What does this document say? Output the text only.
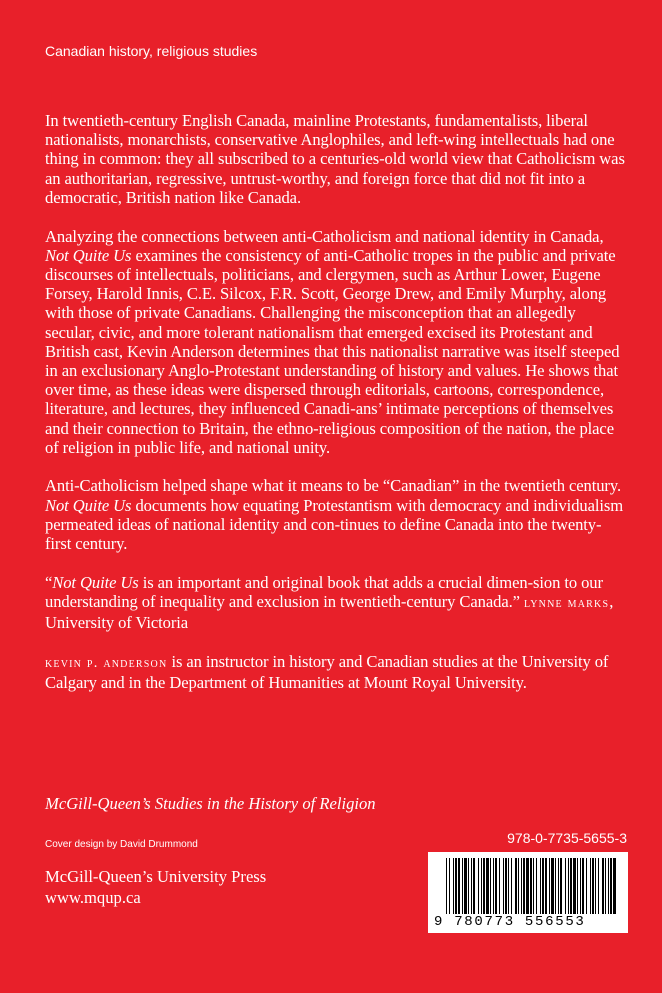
Canadian history, religious studies

In twentieth-century English Canada, mainline Protestants, fundamentalists, liberal nationalists, monarchists, conservative Anglophiles, and left-wing intellectuals had one thing in common: they all subscribed to a centuries-old world view that Catholicism was an authoritarian, regressive, untrust-worthy, and foreign force that did not fit into a democratic, British nation like Canada.

Analyzing the connections between anti-Catholicism and national identity in Canada, Not Quite Us examines the consistency of anti-Catholic tropes in the public and private discourses of intellectuals, politicians, and clergymen, such as Arthur Lower, Eugene Forsey, Harold Innis, C.E. Silcox, F.R. Scott, George Drew, and Emily Murphy, along with those of private Canadians. Challenging the misconception that an allegedly secular, civic, and more tolerant nationalism that emerged excised its Protestant and British cast, Kevin Anderson determines that this nationalist narrative was itself steeped in an exclusionary Anglo-Protestant understanding of history and values. He shows that over time, as these ideas were dispersed through editorials, cartoons, correspondence, literature, and lectures, they influenced Canadi-ans’ intimate perceptions of themselves and their connection to Britain, the ethno-religious composition of the nation, the place of religion in public life, and national unity.

Anti-Catholicism helped shape what it means to be “Canadian” in the twentieth century. Not Quite Us documents how equating Protestantism with democracy and individualism permeated ideas of national identity and con-tinues to define Canada into the twenty-first century.

“Not Quite Us is an important and original book that adds a crucial dimen-sion to our understanding of inequality and exclusion in twentieth-century Canada.” lynne marks, University of Victoria

kevin p. anderson is an instructor in history and Canadian studies at the University of Calgary and in the Department of Humanities at Mount Royal University.

McGill-Queen’s Studies in the History of Religion
Cover design by David Drummond
McGill-Queen’s University Press
www.mqup.ca
978-0-7735-5655-3
9 780773 556553
